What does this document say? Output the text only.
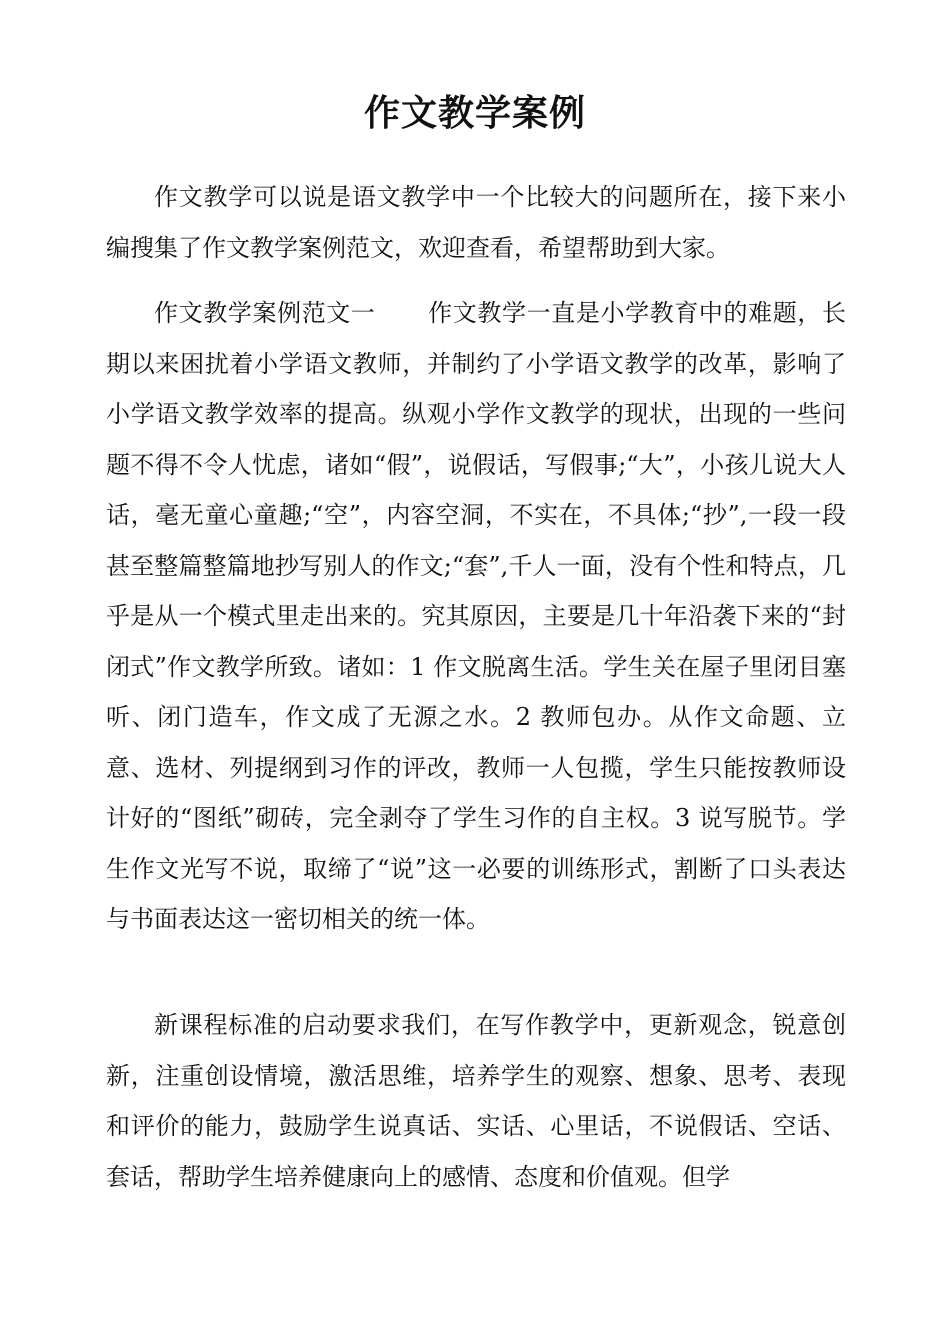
作文教学案例

作文教学可以说是语文教学中一个比较大的问题所在，接下来小编搜集了作文教学案例范文，欢迎查看，希望帮助到大家。

作文教学案例范文一 作文教学一直是小学教育中的难题，长期以来困扰着小学语文教师，并制约了小学语文教学的改革，影响了小学语文教学效率的提高。纵观小学作文教学的现状，出现的一些问题不得不令人忧虑，诸如“假”，说假话，写假事;“大”，小孩儿说大人话，毫无童心童趣;“空”，内容空洞，不实在，不具体;“抄”,一段一段甚至整篇整篇地抄写别人的作文;“套”,千人一面，没有个性和特点，几乎是从一个模式里走出来的。究其原因，主要是几十年沿袭下来的“封闭式”作文教学所致。诸如：1 作文脱离生活。学生关在屋子里闭目塞听、闭门造车，作文成了无源之水。2 教师包办。从作文命题、立意、选材、列提纲到习作的评改，教师一人包揽，学生只能按教师设计好的“图纸”砌砖，完全剥夺了学生习作的自主权。3 说写脱节。学生作文光写不说，取缔了“说”这一必要的训练形式，割断了口头表达与书面表达这一密切相关的统一体。

新课程标准的启动要求我们，在写作教学中，更新观念，锐意创新，注重创设情境，激活思维，培养学生的观察、想象、思考、表现和评价的能力，鼓励学生说真话、实话、心里话，不说假话、空话、套话，帮助学生培养健康向上的感情、态度和价值观。但学
